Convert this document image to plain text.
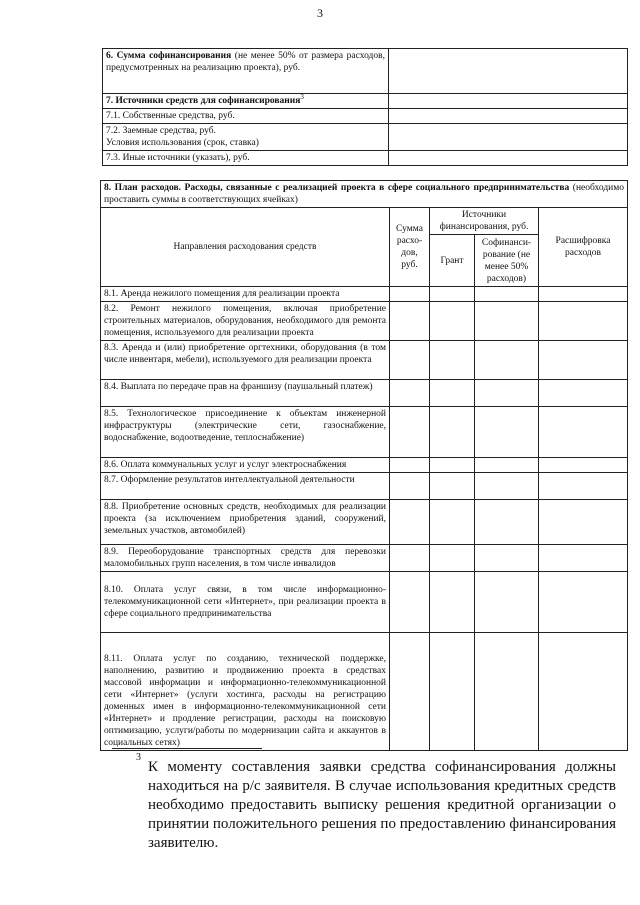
3
6. Сумма софинансирования (не менее 50% от размера расходов, предусмотренных на реализацию проекта), руб.	
7. Источники средств для софинансирования$^3$	
7.1. Собственные средства, руб.	
7.2. Заемные средства, руб.
Условия использования (срок, ставка)	
7.3. Иные источники (указать), руб.	
8. План расходов. Расходы, связанные с реализацией проекта в сфере социального предпринимательства (необходимо проставить суммы в соответствующих ячейках)				
Направления расходования средств	Сумма расхо-дов, руб.	Источники финансирования, руб.		Расшифровка расходов
		Грант	Софинанси-рование (не менее 50% расходов)	
8.1. Аренда нежилого помещения для реализации проекта				
8.2. Ремонт нежилого помещения, включая приобретение строительных материалов, оборудования, необходимого для ремонта помещения, используемого для реализации проекта				
8.3. Аренда и (или) приобретение оргтехники, оборудования (в том числе инвентаря, мебели), используемого для реализации проекта				
8.4. Выплата по передаче прав на франшизу (паушальный платеж)				
8.5. Технологическое присоединение к объектам инженерной инфраструктуры (электрические сети, газоснабжение, водоснабжение, водоотведение, теплоснабжение)				
8.6. Оплата коммунальных услуг и услуг электроснабжения				
8.7. Оформление результатов интеллектуальной деятельности				
8.8. Приобретение основных средств, необходимых для реализации проекта (за исключением приобретения зданий, сооружений, земельных участков, автомобилей)				
8.9. Переоборудование транспортных средств для перевозки маломобильных групп населения, в том числе инвалидов				
8.10. Оплата услуг связи, в том числе информационно-телекоммуникационной сети «Интернет», при реализации проекта в сфере социального предпринимательства				
8.11. Оплата услуг по созданию, технической поддержке, наполнению, развитию и продвижению проекта в средствах массовой информации и информационно-телекоммуникационной сети «Интернет» (услуги хостинга, расходы на регистрацию доменных имен в информационно-телекоммуникационной сети «Интернет» и продление регистрации, расходы на поисковую оптимизацию, услуги/работы по модернизации сайта и аккаунтов в социальных сетях)				
3
К моменту составления заявки средства софинансирования должны находиться на р/с заявителя. В случае использования кредитных средств необходимо предоставить выписку решения кредитной организации о принятии положительного решения по предоставлению финансирования заявителю.
